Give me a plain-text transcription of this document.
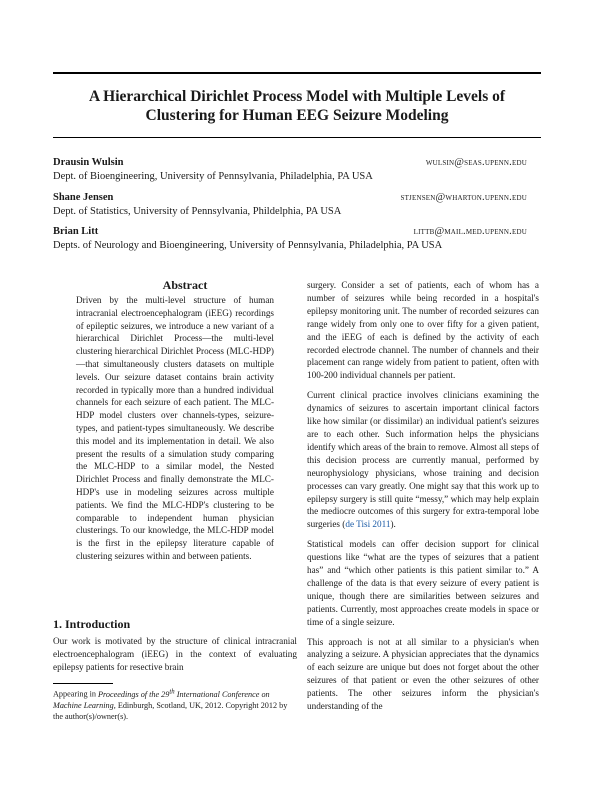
A Hierarchical Dirichlet Process Model with Multiple Levels of
Clustering for Human EEG Seizure Modeling
Drausin Wulsin	wulsin@seas.upenn.edu
Dept. of Bioengineering, University of Pennsylvania, Philadelphia, PA USA
Shane Jensen	stjensen@wharton.upenn.edu
Dept. of Statistics, University of Pennsylvania, Phildelphia, PA USA
Brian Litt	littb@mail.med.upenn.edu
Depts. of Neurology and Bioengineering, University of Pennsylvania, Philadelphia, PA USA
Abstract
Driven by the multi-level structure of human intracranial electroencephalogram (iEEG) recordings of epileptic seizures, we introduce a new variant of a hierarchical Dirichlet Process—the multi-level clustering hierarchical Dirichlet Process (MLC-HDP)—that simultaneously clusters datasets on multiple levels. Our seizure dataset contains brain activity recorded in typically more than a hundred individual channels for each seizure of each patient. The MLC-HDP model clusters over channels-types, seizure-types, and patient-types simultaneously. We describe this model and its implementation in detail. We also present the results of a simulation study comparing the MLC-HDP to a similar model, the Nested Dirichlet Process and finally demonstrate the MLC-HDP's use in modeling seizures across multiple patients. We find the MLC-HDP's clustering to be comparable to independent human physician clusterings. To our knowledge, the MLC-HDP model is the first in the epilepsy literature capable of clustering seizures within and between patients.
1. Introduction
Our work is motivated by the structure of clinical intracranial electroencephalogram (iEEG) in the context of evaluating epilepsy patients for resective brain
Appearing in Proceedings of the 29th International Conference on Machine Learning, Edinburgh, Scotland, UK, 2012. Copyright 2012 by the author(s)/owner(s).

surgery. Consider a set of patients, each of whom has a number of seizures while being recorded in a hospital's epilepsy monitoring unit. The number of recorded seizures can range widely from only one to over fifty for a given patient, and the iEEG of each is defined by the activity of each recorded electrode channel. The number of channels and their placement can range widely from patient to patient, often with 100-200 individual channels per patient.

Current clinical practice involves clinicians examining the dynamics of seizures to ascertain important clinical factors like how similar (or dissimilar) an individual patient's seizures are to each other. Such information helps the physicians identify which areas of the brain to remove. Almost all steps of this decision process are currently manual, performed by neurophysiology physicians, whose training and decision processes can vary greatly. One might say that this work up to epilepsy surgery is still quite “messy,” which may help explain the mediocre outcomes of this surgery for extra-temporal lobe surgeries (de Tisi 2011).

Statistical models can offer decision support for clinical questions like “what are the types of seizures that a patient has” and “which other patients is this patient similar to.” A challenge of the data is that every seizure of every patient is unique, though there are similarities between seizures and patients. Currently, most approaches create models in space or time of a single seizure.

This approach is not at all similar to a physician's when analyzing a seizure. A physician appreciates that the dynamics of each seizure are unique but does not forget about the other seizures of that patient or even the other seizures of other patients. The other seizures inform the physician's understanding of the
